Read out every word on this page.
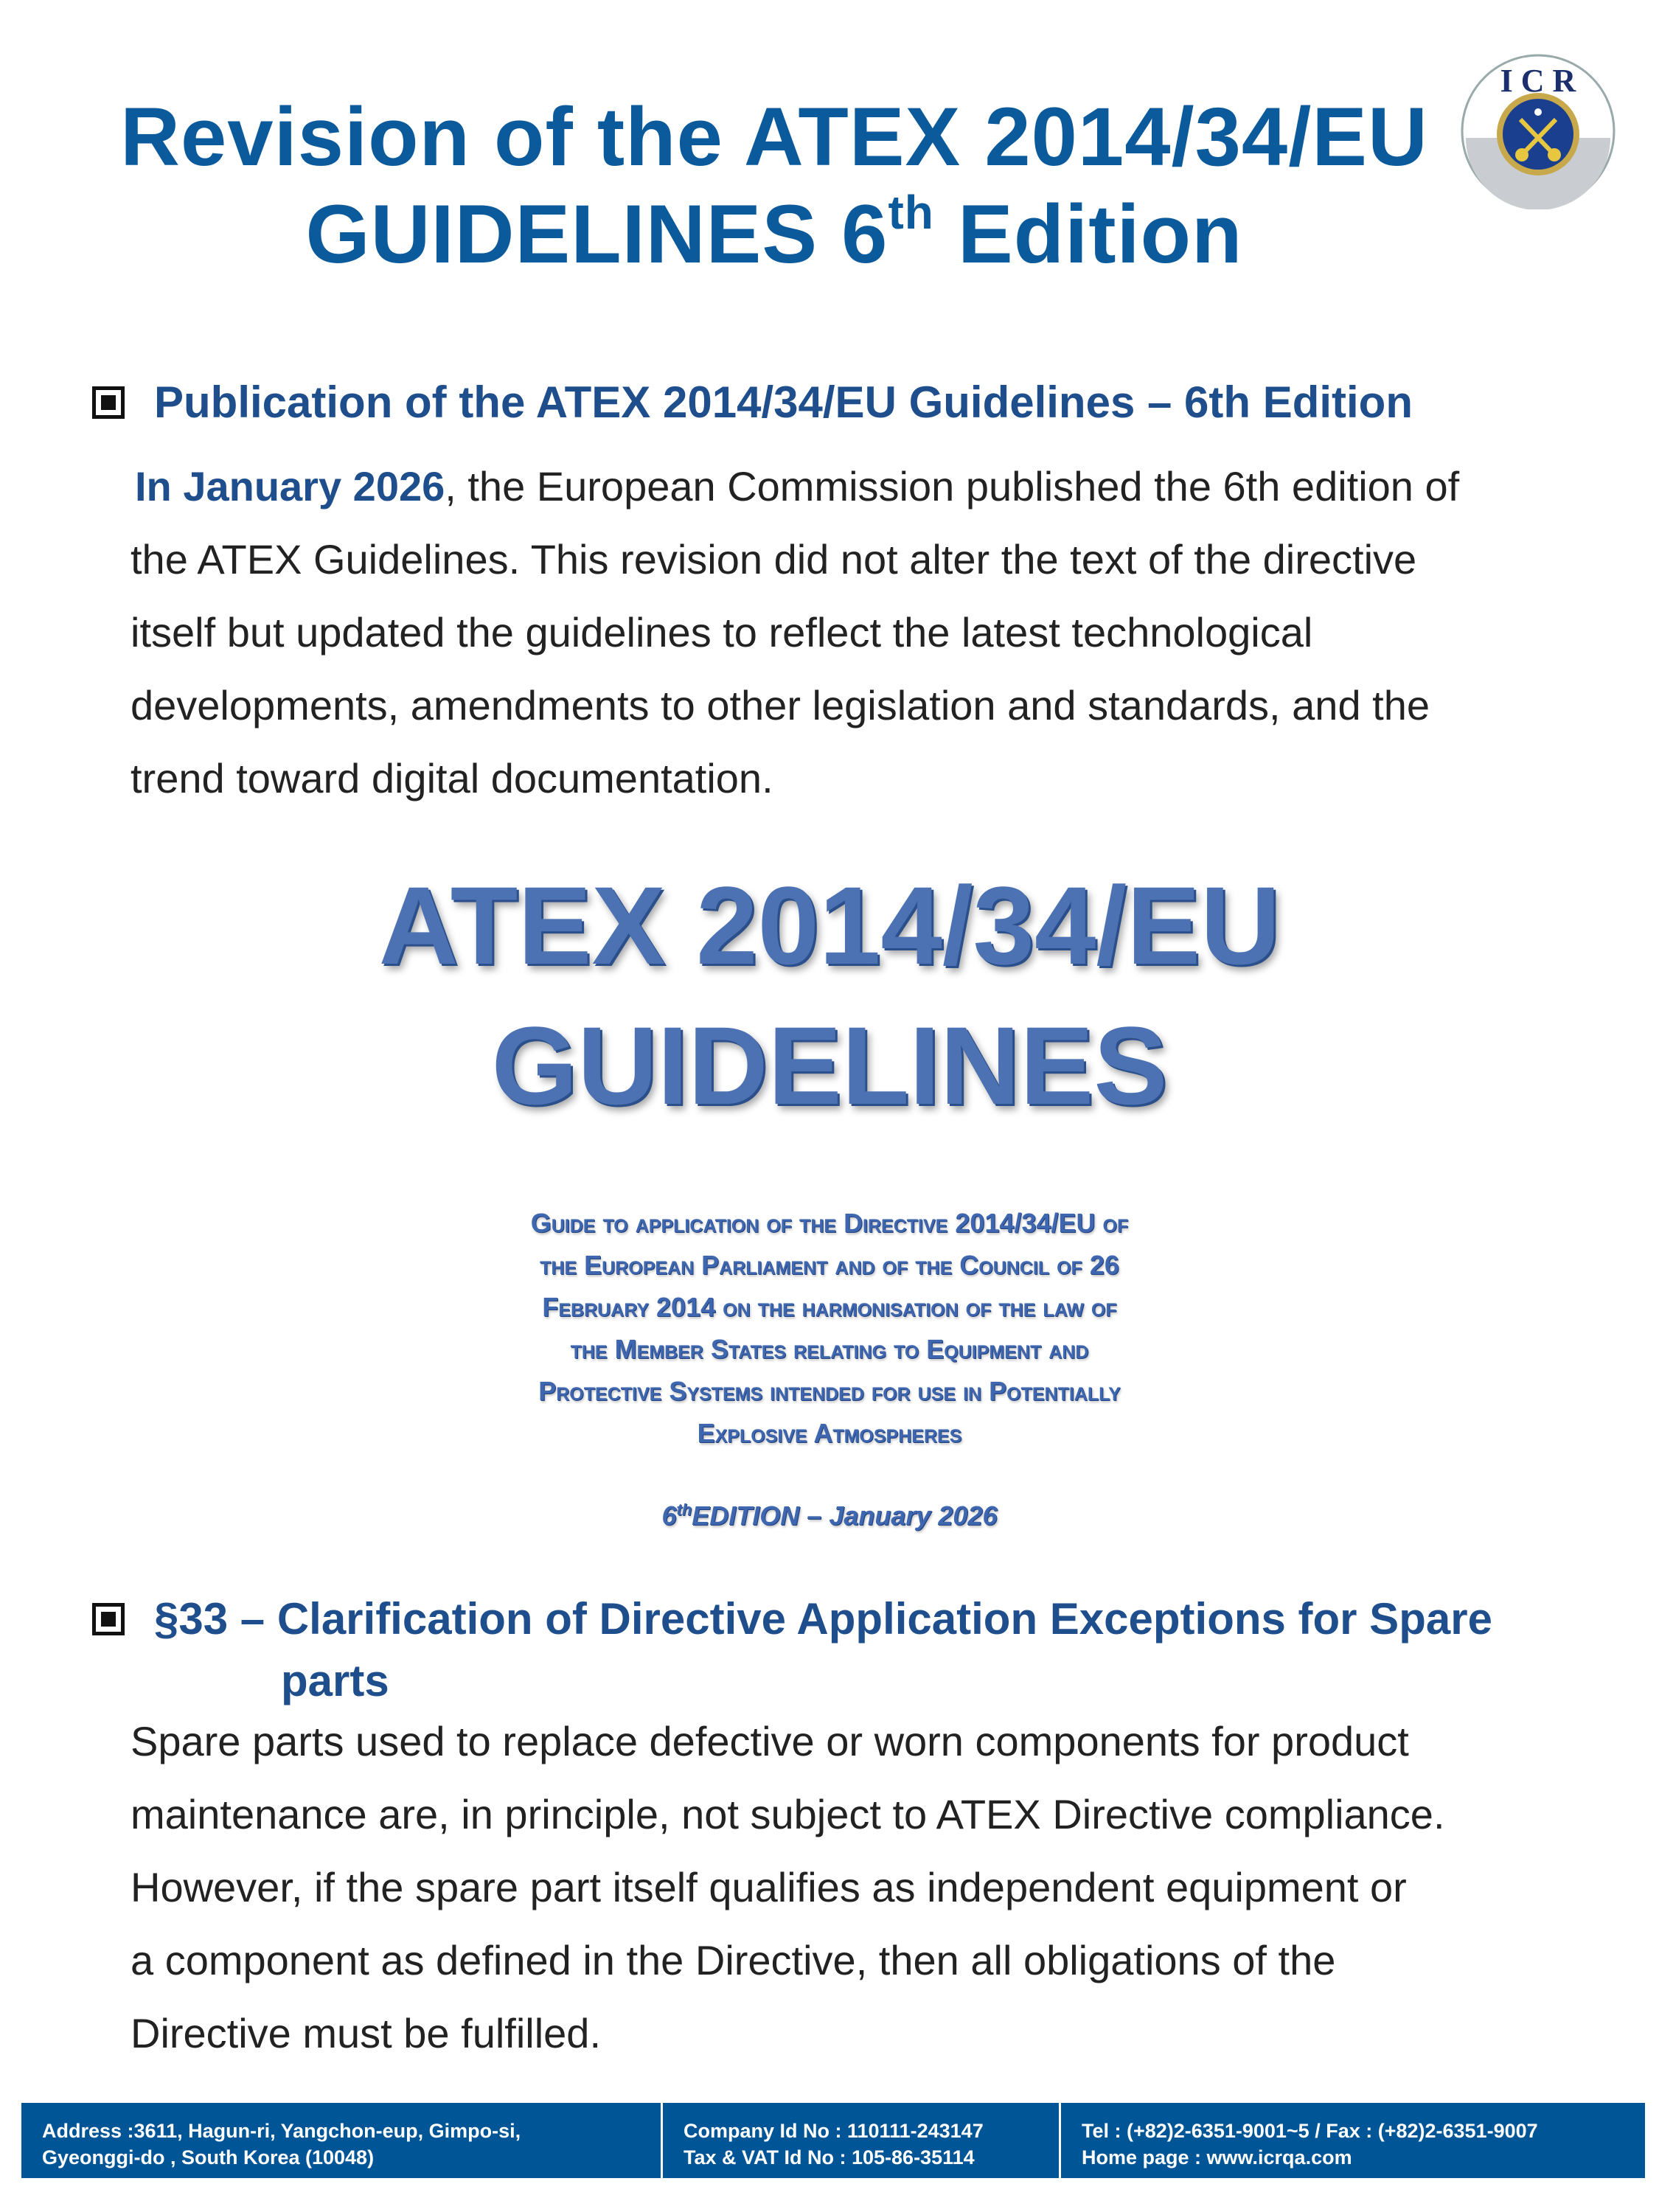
Revision of the ATEX 2014/34/EU
GUIDELINES 6th Edition
I C R
Publication of the ATEX 2014/34/EU Guidelines – 6th Edition
In January 2026, the European Commission published the 6th edition of
the ATEX Guidelines. This revision did not alter the text of the directive
itself but updated the guidelines to reflect the latest technological
developments, amendments to other legislation and standards, and the
trend toward digital documentation.
ATEX 2014/34/EU
GUIDELINES
Guide to application of the Directive 2014/34/EU of
the European Parliament and of the Council of 26
February 2014 on the harmonisation of the law of
the Member States relating to Equipment and
Protective Systems intended for use in Potentially
Explosive Atmospheres
6thEDITION – January 2026
§33 – Clarification of Directive Application Exceptions for Spare
parts
Spare parts used to replace defective or worn components for product
maintenance are, in principle, not subject to ATEX Directive compliance.
However, if the spare part itself qualifies as independent equipment or
a component as defined in the Directive, then all obligations of the
Directive must be fulfilled.
Address :3611, Hagun-ri, Yangchon-eup, Gimpo-si,
Gyeonggi-do , South Korea (10048)
Company Id No : 110111-243147
Tax & VAT Id No : 105-86-35114
Tel : (+82)2-6351-9001~5 / Fax : (+82)2-6351-9007
Home page : www.icrqa.com
